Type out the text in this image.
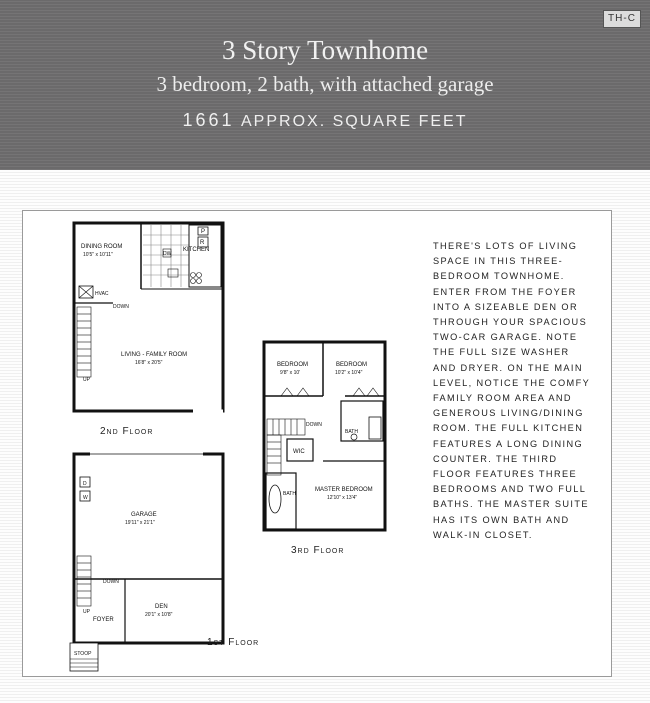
TH-C
3 Story Townhome
3 bedroom, 2 bath, with attached garage
1661 APPROX. SQUARE FEET
P
R
DW
DINING ROOM
10'5" x 10'11"
KITCHEN
HVAC
DOWN
UP
LIVING - FAMILY ROOM
16'8" x 20'5"	BEDROOM
9'8" x 10'
BEDROOM
10'2" x 10'4"
DOWN
WIC
BATH
MASTER BEDROOM
12'10" x 13'4"
BATH
D
W
GARAGE
19'11" x 21'1"
DOWN
UP
FOYER
DEN
20'1" x 10'8"
STOOP
2nd Floor
3rd Floor
1st Floor
THERE'S LOTS OF LIVING SPACE IN THIS THREE-BEDROOM TOWNHOME. ENTER FROM THE FOYER INTO A SIZEABLE DEN OR THROUGH YOUR SPACIOUS TWO-CAR GARAGE. NOTE THE FULL SIZE WASHER AND DRYER. ON THE MAIN LEVEL, NOTICE THE COMFY FAMILY ROOM AREA AND GENEROUS LIVING/DINING ROOM. THE FULL KITCHEN FEATURES A LONG DINING COUNTER. THE THIRD FLOOR FEATURES THREE BEDROOMS AND TWO FULL BATHS. THE MASTER SUITE HAS ITS OWN BATH AND WALK-IN CLOSET.
